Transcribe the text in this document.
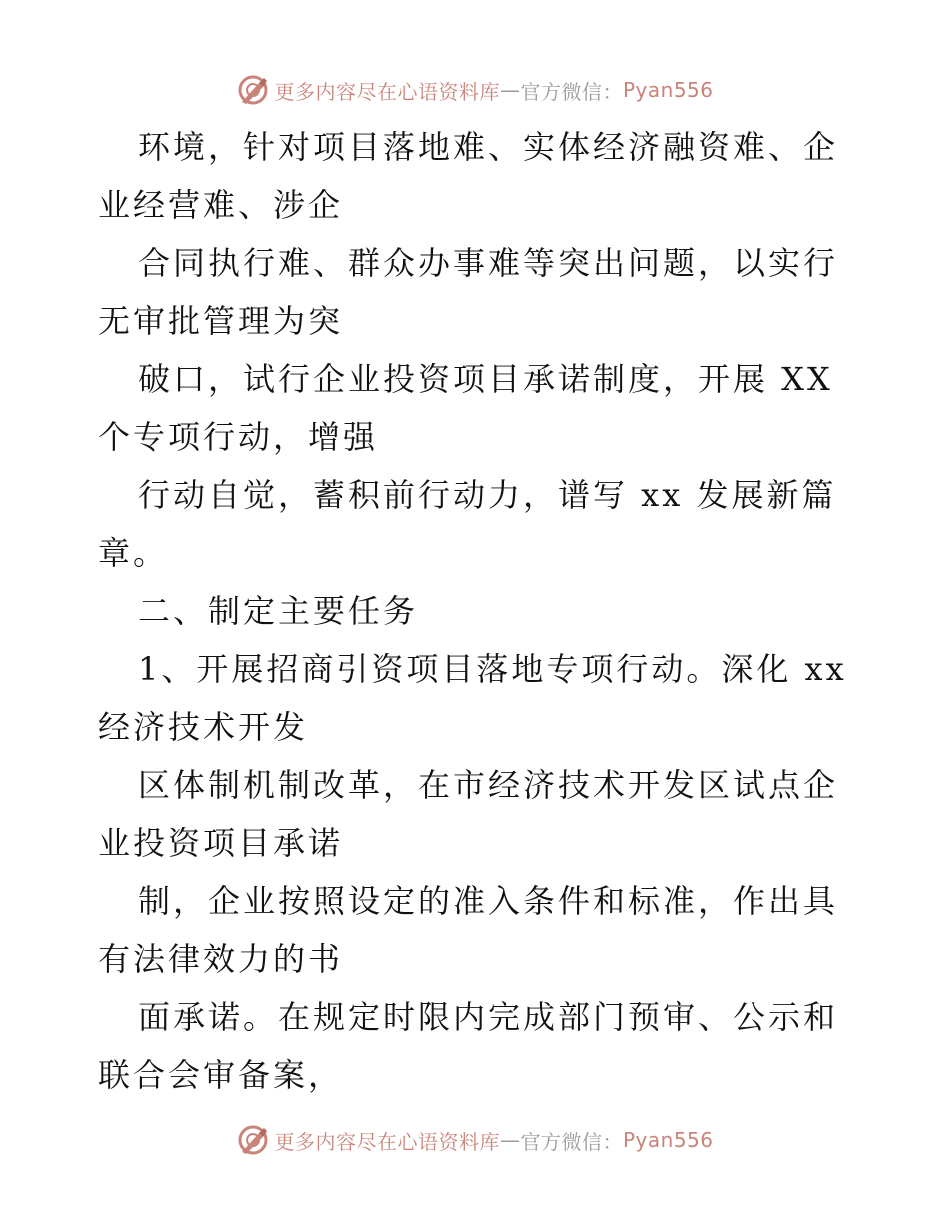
更多内容尽在心语资料库 — 官方微信： Pyan556

环境，针对项目落地难、实体经济融资难、企业经营难、涉企

合同执行难、群众办事难等突出问题，以实行无审批管理为突

破口，试行企业投资项目承诺制度，开展 XX 个专项行动，增强

行动自觉，蓄积前行动力，谱写 xx 发展新篇章。

二、制定主要任务

1、开展招商引资项目落地专项行动。深化 xx 经济技术开发

区体制机制改革，在市经济技术开发区试点企业投资项目承诺

制，企业按照设定的准入条件和标准，作出具有法律效力的书

面承诺。在规定时限内完成部门预审、公示和联合会审备案，

更多内容尽在心语资料库 — 官方微信： Pyan556
